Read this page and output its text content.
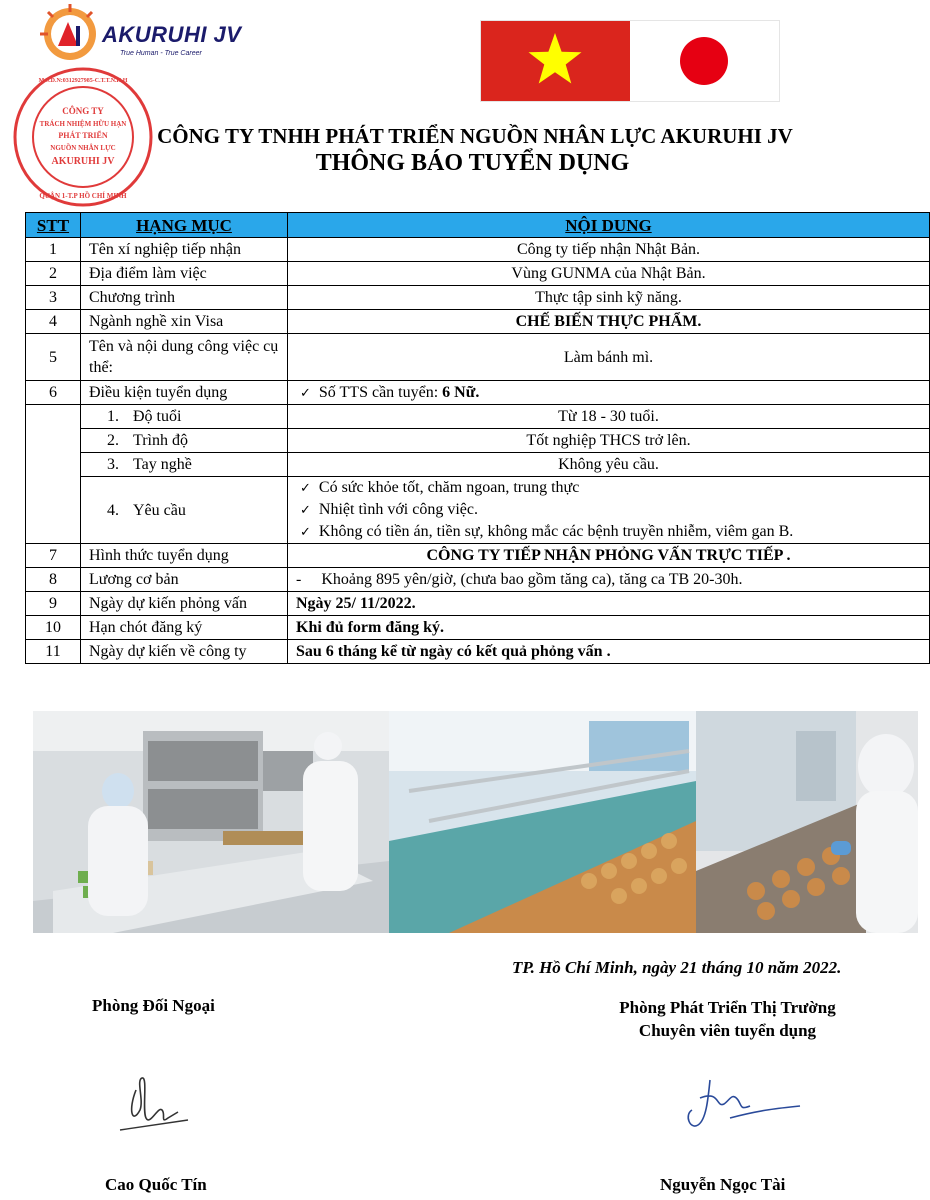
AKURUHI JV
True Human - True Career
CÔNG TY
TRÁCH NHIỆM HỮU HẠN
PHÁT TRIỂN
NGUỒN NHÂN LỰC
AKURUHI JV
M.S.D.N:0312927985-C.T.T.N.H.H
QUẬN 1-T.P HỒ CHÍ MINH
CÔNG TY TNHH PHÁT TRIỂN NGUỒN NHÂN LỰC AKURUHI JV
THÔNG BÁO TUYỂN DỤNG
STT	HẠNG MỤC	NỘI DUNG
1	Tên xí nghiệp tiếp nhận	Công ty tiếp nhận Nhật Bản.
2	Địa điểm làm việc	Vùng GUNMA của Nhật Bản.
3	Chương trình	Thực tập sinh kỹ năng.
4	Ngành nghề xin Visa	CHẾ BIẾN THỰC PHẨM.
5	Tên và nội dung công việc cụ thể:	Làm bánh mì.
6	Điều kiện tuyển dụng	✓ Số TTS cần tuyển: 6 Nữ.

	1. Độ tuổi	Từ 18 - 30 tuổi.
	2. Trình độ	Tốt nghiệp THCS trở lên.
	3. Tay nghề	Không yêu cầu.
	4. Yêu cầu	✓ Có sức khỏe tốt, chăm ngoan, trung thực
✓ Nhiệt tình với công việc.
✓ Không có tiền án, tiền sự, không mắc các bệnh truyền nhiễm, viêm gan B.

7	Hình thức tuyển dụng	CÔNG TY TIẾP NHẬN PHỎNG VẤN TRỰC TIẾP .
8	Lương cơ bản	-     Khoảng 895 yên/giờ, (chưa bao gồm tăng ca), tăng ca TB 20-30h.
9	Ngày dự kiến phỏng vấn	Ngày 25/ 11/2022.
10	Hạn chót đăng ký	Khi đủ form đăng ký.
11	Ngày dự kiến về công ty	Sau 6 tháng kể từ ngày có kết quả phỏng vấn .
TP. Hồ Chí Minh, ngày 21 tháng 10 năm 2022.
Phòng Đối Ngoại	Phòng Phát Triển Thị Trường
Chuyên viên tuyển dụng
Cao Quốc Tín	Nguyễn Ngọc Tài
